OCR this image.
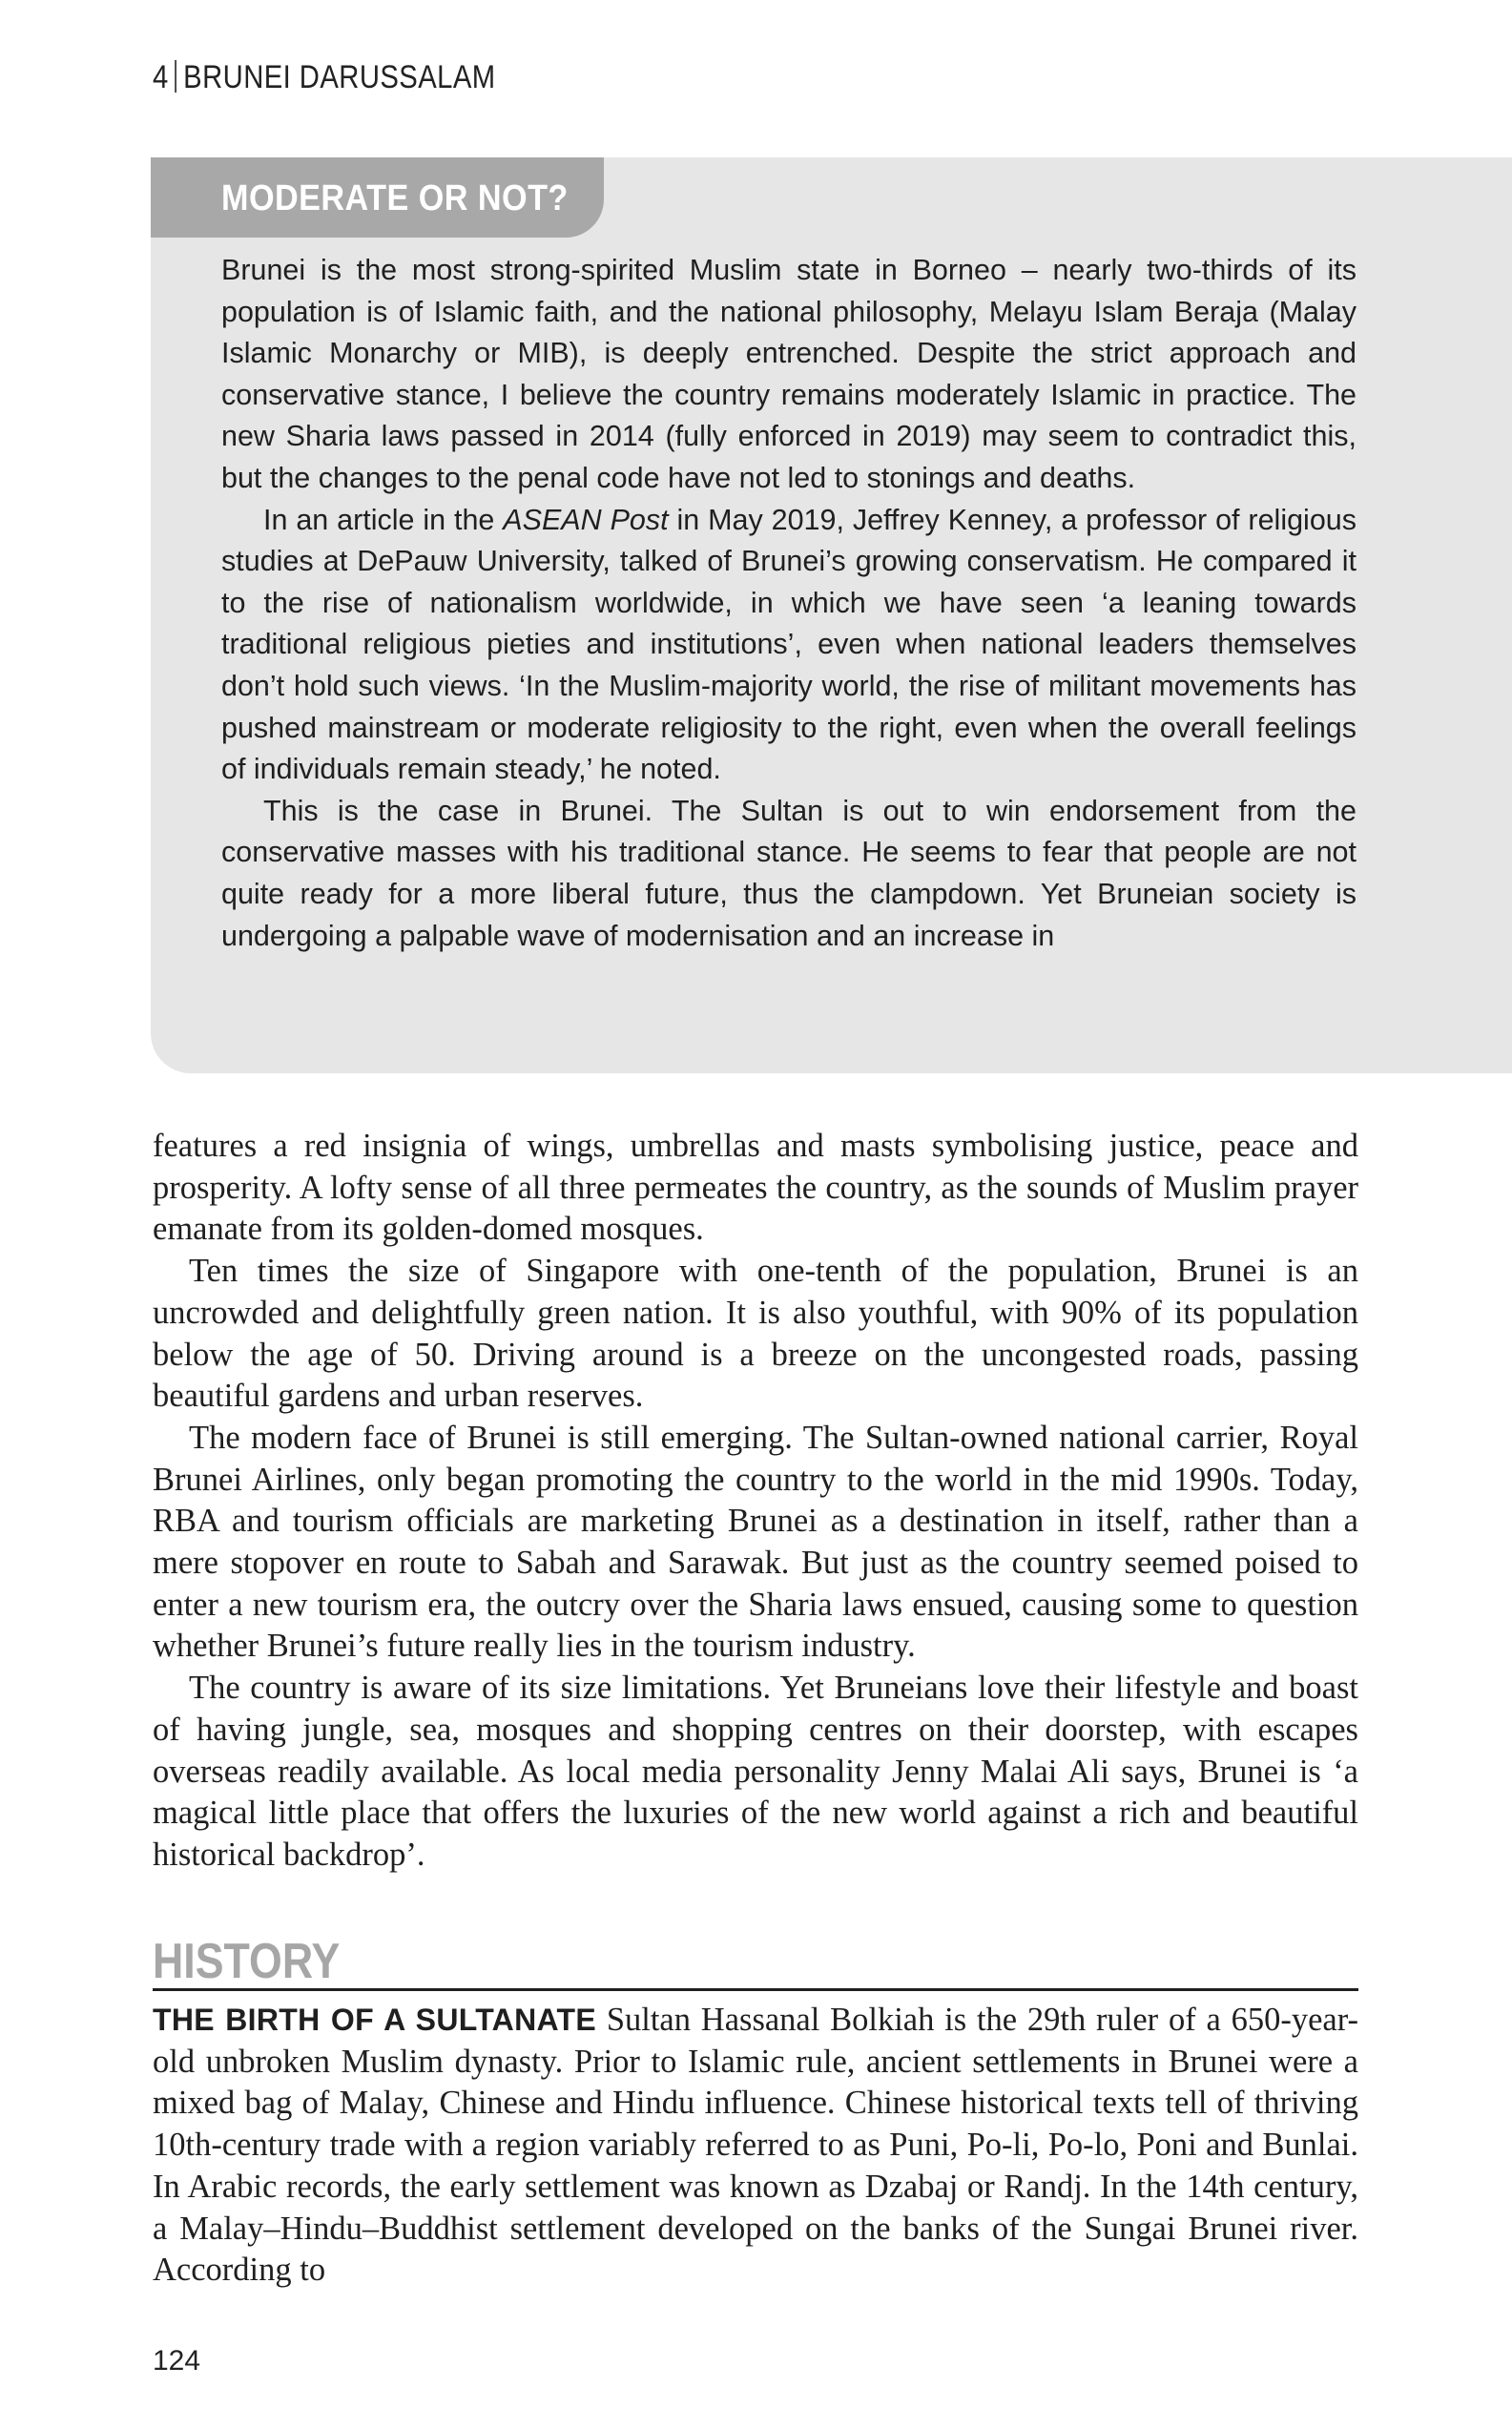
4 BRUNEI DARUSSALAM
MODERATE OR NOT?

Brunei is the most strong-spirited Muslim state in Borneo – nearly two-thirds of its population is of Islamic faith, and the national philosophy, Melayu Islam Beraja (Malay Islamic Monarchy or MIB), is deeply entrenched. Despite the strict approach and conservative stance, I believe the country remains moderately Islamic in practice. The new Sharia laws passed in 2014 (fully enforced in 2019) may seem to contradict this, but the changes to the penal code have not led to stonings and deaths.

In an article in the ASEAN Post in May 2019, Jeffrey Kenney, a professor of religious studies at DePauw University, talked of Brunei’s growing conservatism. He compared it to the rise of nationalism worldwide, in which we have seen ‘a leaning towards traditional religious pieties and institutions’, even when national leaders themselves don’t hold such views. ‘In the Muslim-majority world, the rise of militant movements has pushed mainstream or moderate religiosity to the right, even when the overall feelings of individuals remain steady,’ he noted.

This is the case in Brunei. The Sultan is out to win endorsement from the conservative masses with his traditional stance. He seems to fear that people are not quite ready for a more liberal future, thus the clampdown. Yet Bruneian society is undergoing a palpable wave of modernisation and an increase in

features a red insignia of wings, umbrellas and masts symbolising justice, peace and prosperity. A lofty sense of all three permeates the country, as the sounds of Muslim prayer emanate from its golden-domed mosques.

Ten times the size of Singapore with one-tenth of the population, Brunei is an uncrowded and delightfully green nation. It is also youthful, with 90% of its population below the age of 50. Driving around is a breeze on the uncongested roads, passing beautiful gardens and urban reserves.

The modern face of Brunei is still emerging. The Sultan-owned national carrier, Royal Brunei Airlines, only began promoting the country to the world in the mid 1990s. Today, RBA and tourism officials are marketing Brunei as a destination in itself, rather than a mere stopover en route to Sabah and Sarawak. But just as the country seemed poised to enter a new tourism era, the outcry over the Sharia laws ensued, causing some to question whether Brunei’s future really lies in the tourism industry.

The country is aware of its size limitations. Yet Bruneians love their lifestyle and boast of having jungle, sea, mosques and shopping centres on their doorstep, with escapes overseas readily available. As local media personality Jenny Malai Ali says, Brunei is ‘a magical little place that offers the luxuries of the new world against a rich and beautiful historical backdrop’.

HISTORY

THE BIRTH OF A SULTANATE Sultan Hassanal Bolkiah is the 29th ruler of a 650-year-old unbroken Muslim dynasty. Prior to Islamic rule, ancient settlements in Brunei were a mixed bag of Malay, Chinese and Hindu influence. Chinese historical texts tell of thriving 10th-century trade with a region variably referred to as Puni, Po-li, Po-lo, Poni and Bunlai. In Arabic records, the early settlement was known as Dzabaj or Randj. In the 14th century, a Malay–Hindu–Buddhist settlement developed on the banks of the Sungai Brunei river. According to

124
